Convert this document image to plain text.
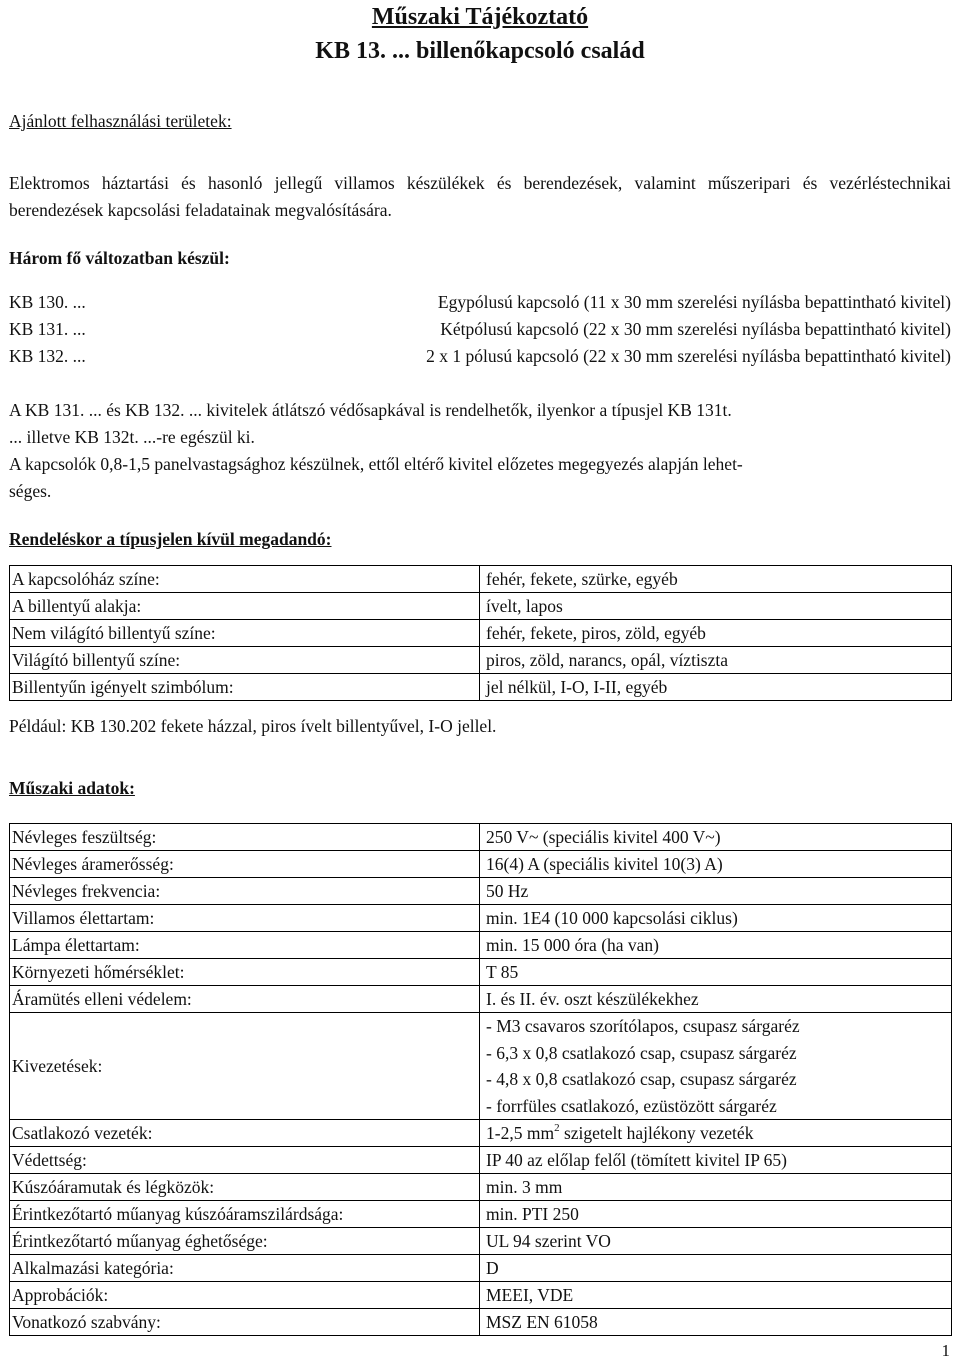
Műszaki Tájékoztató
KB 13. ... billenőkapcsoló család
Ajánlott felhasználási területek:
Elektromos háztartási és hasonló jellegű villamos készülékek és berendezések, valamint műszeripari és vezérléstechnikai berendezések kapcsolási feladatainak megvalósítására.
Három fő változatban készül:
KB 130. ...	Egypólusú kapcsoló (11 x 30 mm szerelési nyílásba bepattintható kivitel)
KB 131. ...	Kétpólusú kapcsoló (22 x 30 mm szerelési nyílásba bepattintható kivitel)
KB 132. ...	2 x 1 pólusú kapcsoló (22 x 30 mm szerelési nyílásba bepattintható kivitel)
A KB 131. ... és KB 132. ... kivitelek átlátszó védősapkával is rendelhetők, ilyenkor a típusjel KB 131t.
... illetve KB 132t. ...-re egészül ki.
A kapcsolók 0,8-1,5 panelvastagsághoz készülnek, ettől eltérő kivitel előzetes megegyezés alapján lehet-
séges.
Rendeléskor a típusjelen kívül megadandó:
A kapcsolóház színe:	fehér, fekete, szürke, egyéb
A billentyű alakja:	ívelt, lapos
Nem világító billentyű színe:	fehér, fekete, piros, zöld, egyéb
Világító billentyű színe:	piros, zöld, narancs, opál, víztiszta
Billentyűn igényelt szimbólum:	jel nélkül, I-O, I-II, egyéb
Például: KB 130.202 fekete házzal, piros ívelt billentyűvel, I-O jellel.
Műszaki adatok:
Névleges feszültség:	250 V~ (speciális kivitel 400 V~)
Névleges áramerősség:	16(4) A (speciális kivitel 10(3) A)
Névleges frekvencia:	50 Hz
Villamos élettartam:	min. 1E4 (10 000 kapcsolási ciklus)
Lámpa élettartam:	min. 15 000 óra (ha van)
Környezeti hőmérséklet:	T 85
Áramütés elleni védelem:	I. és II. év. oszt készülékekhez
Kivezetések:	- M3 csavaros szorítólapos, csupasz sárgaréz
- 6,3 x 0,8 csatlakozó csap, csupasz sárgaréz
- 4,8 x 0,8 csatlakozó csap, csupasz sárgaréz
- forrfüles csatlakozó, ezüstözött sárgaréz

Csatlakozó vezeték:	1-2,5 $mm^2$ szigetelt hajlékony vezeték
Védettség:	IP 40 az előlap felől (tömített kivitel IP 65)
Kúszóáramutak és légközök:	min. 3 mm
Érintkezőtartó műanyag kúszóáramszilárdsága:	min. PTI 250
Érintkezőtartó műanyag éghetősége:	UL 94 szerint VO
Alkalmazási kategória:	D
Approbációk:	MEEI, VDE
Vonatkozó szabvány:	MSZ EN 61058
1
